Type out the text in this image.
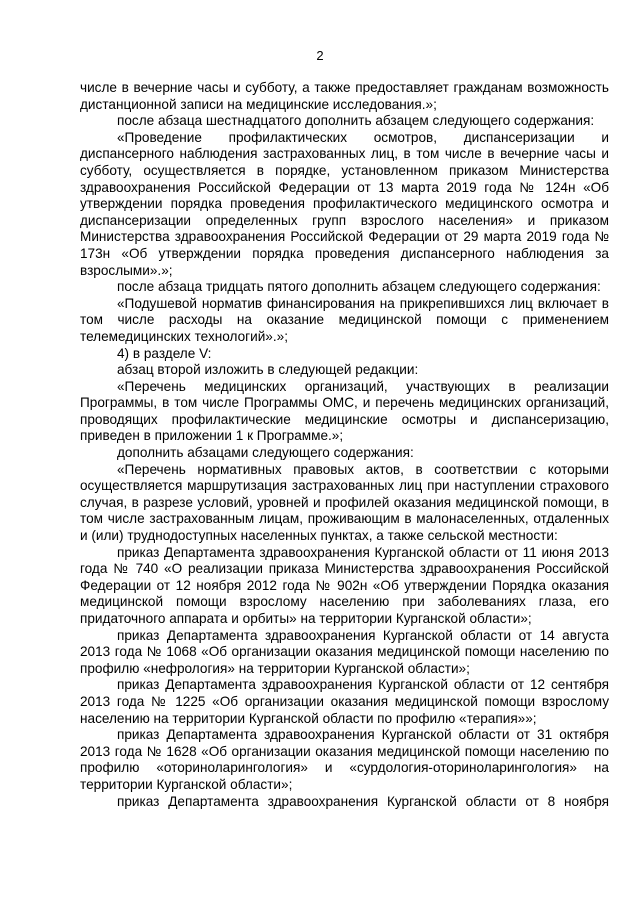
2

числе в вечерние часы и субботу, а также предоставляет гражданам возможность дистанционной записи на медицинские исследования.»;

после абзаца шестнадцатого дополнить абзацем следующего содержания:

«Проведение профилактических осмотров, диспансеризации и диспансерного наблюдения застрахованных лиц, в том числе в вечерние часы и субботу, осуществляется в порядке, установленном приказом Министерства здравоохранения Российской Федерации от 13 марта 2019 года № 124н «Об утверждении порядка проведения профилактического медицинского осмотра и диспансеризации определенных групп взрослого населения» и приказом Министерства здравоохранения Российской Федерации от 29 марта 2019 года № 173н «Об утверждении порядка проведения диспансерного наблюдения за взрослыми».»;

после абзаца тридцать пятого дополнить абзацем следующего содержания:

«Подушевой норматив финансирования на прикрепившихся лиц включает в том числе расходы на оказание медицинской помощи с применением телемедицинских технологий».»;

4) в разделе V:

абзац второй изложить в следующей редакции:

«Перечень медицинских организаций, участвующих в реализации Программы, в том числе Программы ОМС, и перечень медицинских организаций, проводящих профилактические медицинские осмотры и диспансеризацию, приведен в приложении 1 к Программе.»;

дополнить абзацами следующего содержания:

«Перечень нормативных правовых актов, в соответствии с которыми осуществляется маршрутизация застрахованных лиц при наступлении страхового случая, в разрезе условий, уровней и профилей оказания медицинской помощи, в том числе застрахованным лицам, проживающим в малонаселенных, отдаленных и (или) труднодоступных населенных пунктах, а также сельской местности:

приказ Департамента здравоохранения Курганской области от 11 июня 2013 года № 740 «О реализации приказа Министерства здравоохранения Российской Федерации от 12 ноября 2012 года № 902н «Об утверждении Порядка оказания медицинской помощи взрослому населению при заболеваниях глаза, его придаточного аппарата и орбиты» на территории Курганской области»;

приказ Департамента здравоохранения Курганской области от 14 августа 2013 года № 1068 «Об организации оказания медицинской помощи населению по профилю «нефрология» на территории Курганской области»;

приказ Департамента здравоохранения Курганской области от 12 сентября 2013 года № 1225 «Об организации оказания медицинской помощи взрослому населению на территории Курганской области по профилю «терапия»»;

приказ Департамента здравоохранения Курганской области от 31 октября 2013 года № 1628 «Об организации оказания медицинской помощи населению по профилю «оториноларингология» и «сурдология-оториноларингология» на территории Курганской области»;

приказ Департамента здравоохранения Курганской области от 8 ноября
